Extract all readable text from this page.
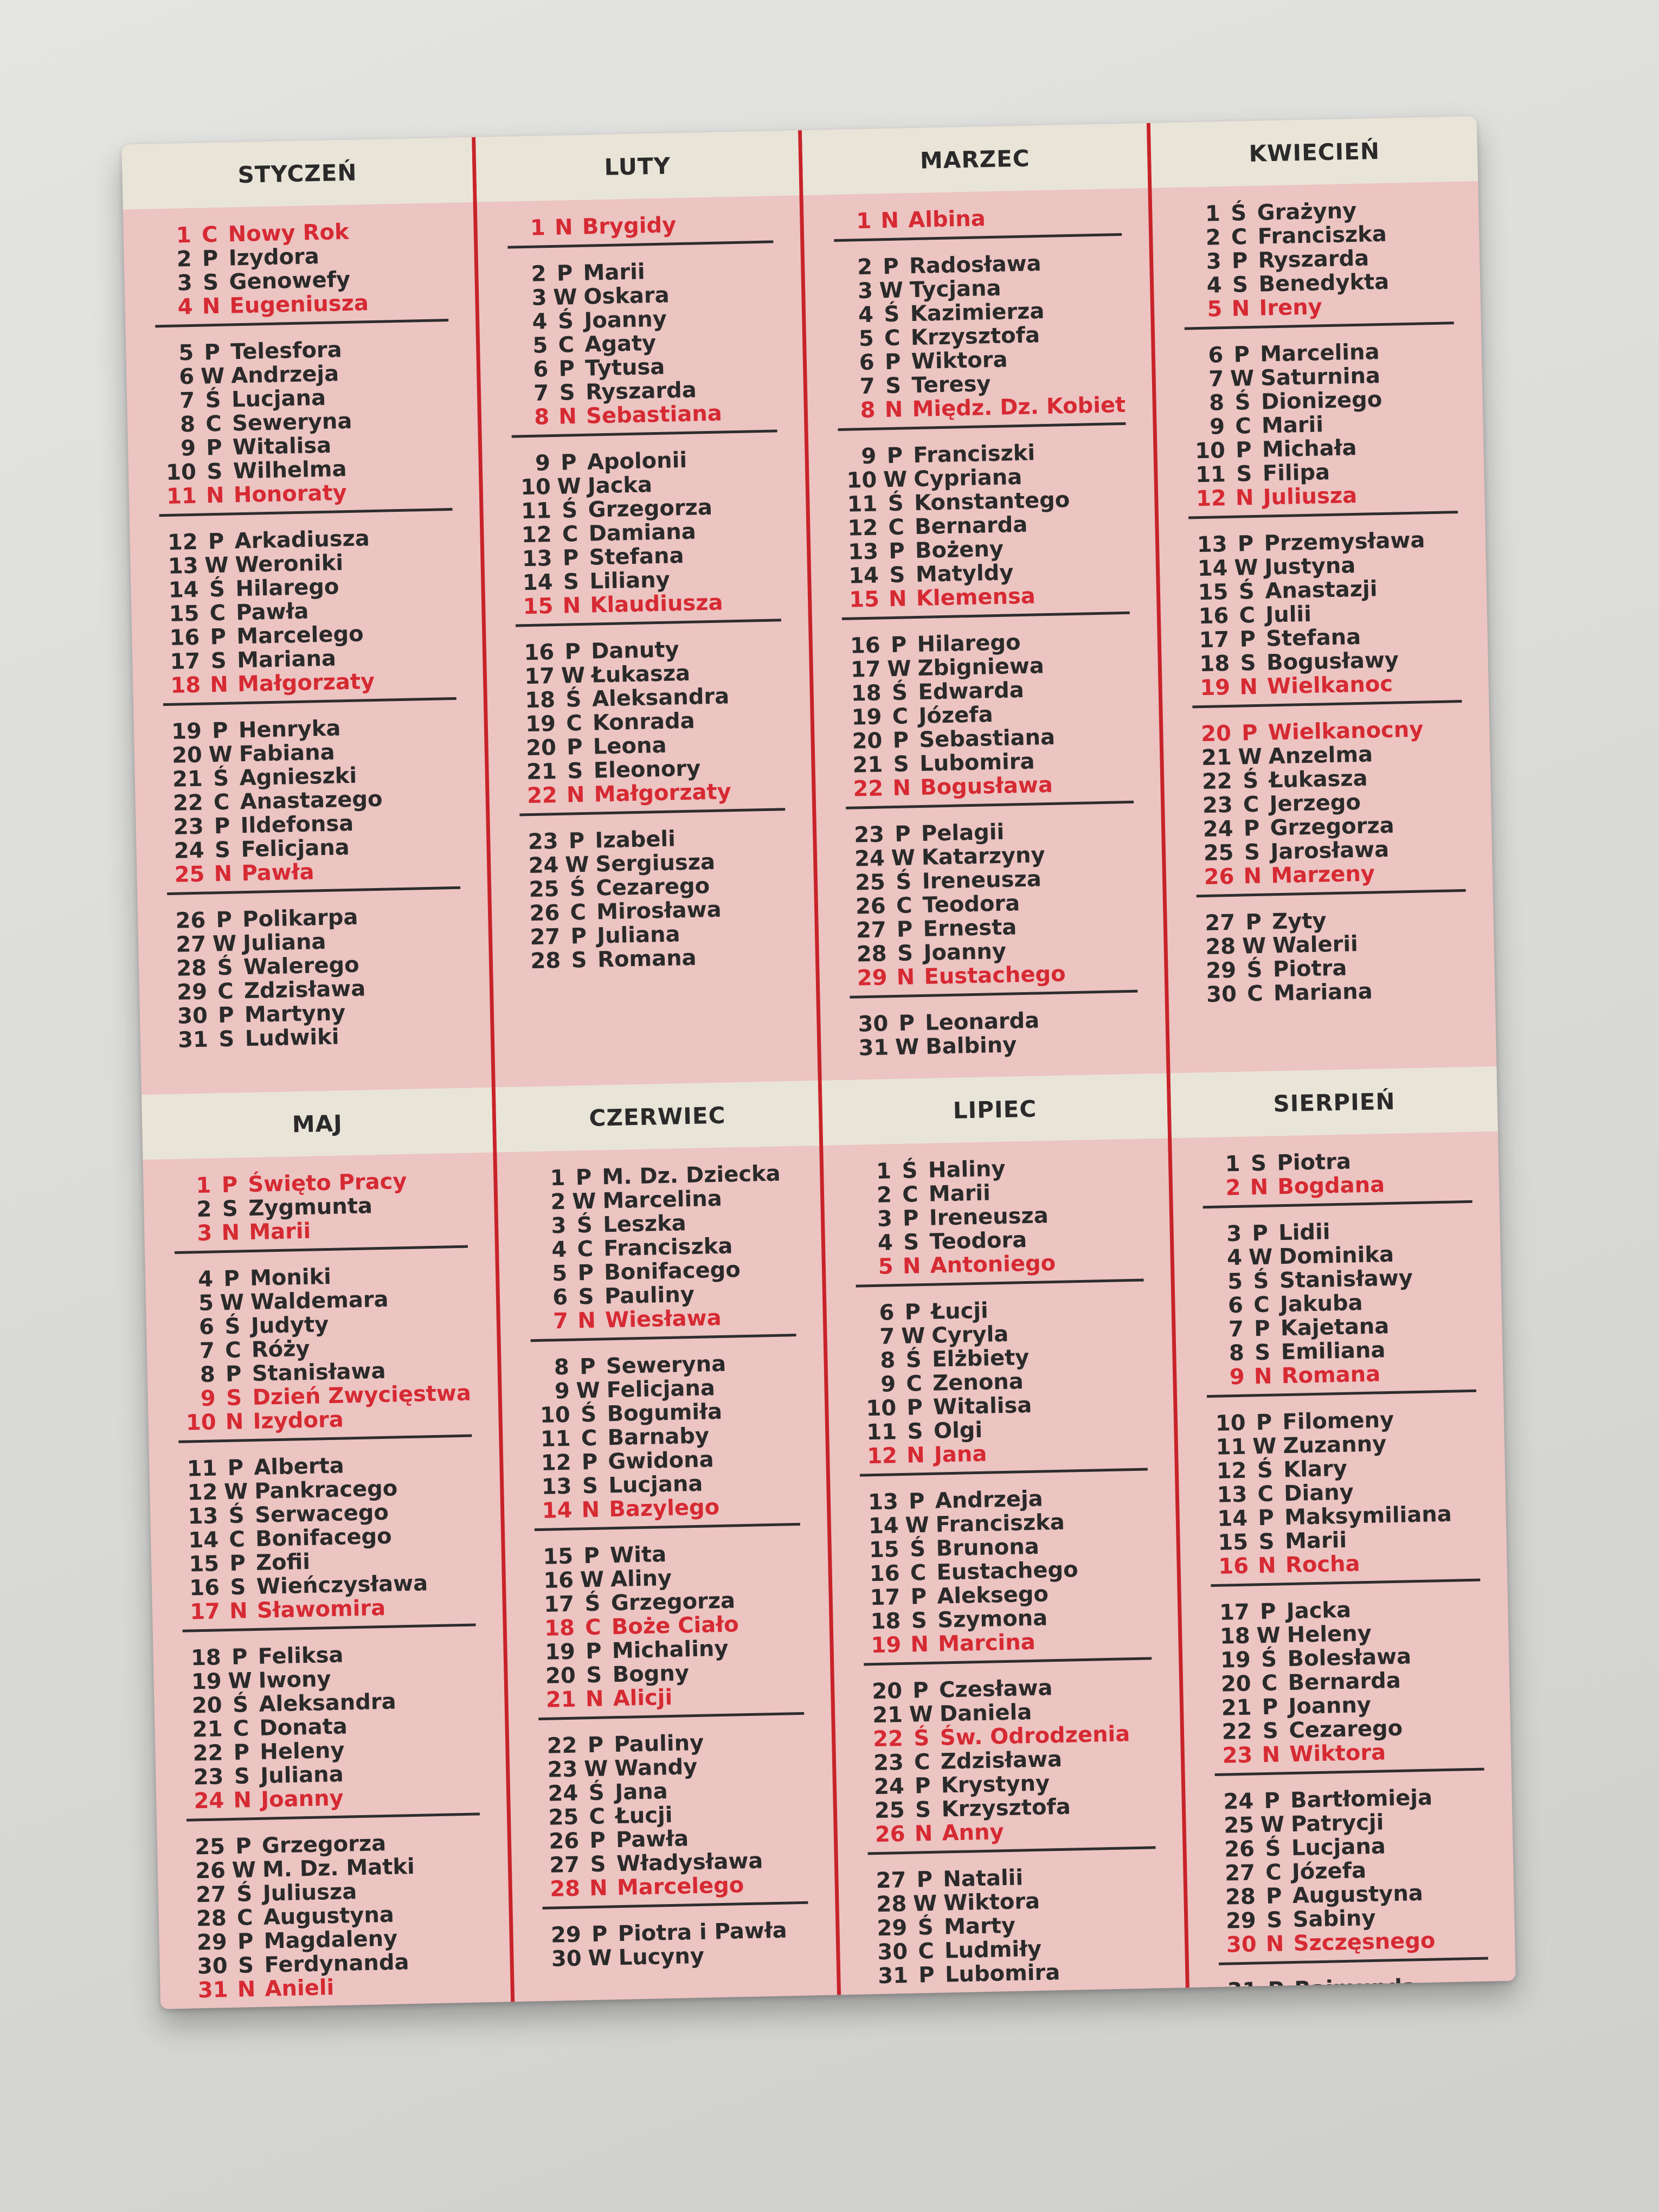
STYCZEŃ
1 C Nowy Rok
2 P Izydora
3 S Genowefy
4 N Eugeniusza
5 P Telesfora
6 W Andrzeja
7 Ś Lucjana
8 C Seweryna
9 P Witalisa
10 S Wilhelma
11 N Honoraty
12 P Arkadiusza
13 W Weroniki
14 Ś Hilarego
15 C Pawła
16 P Marcelego
17 S Mariana
18 N Małgorzaty
19 P Henryka
20 W Fabiana
21 Ś Agnieszki
22 C Anastazego
23 P Ildefonsa
24 S Felicjana
25 N Pawła
26 P Polikarpa
27 W Juliana
28 Ś Walerego
29 C Zdzisława
30 P Martyny
31 S Ludwiki
LUTY
1 N Brygidy
2 P Marii
3 W Oskara
4 Ś Joanny
5 C Agaty
6 P Tytusa
7 S Ryszarda
8 N Sebastiana
9 P Apolonii
10 W Jacka
11 Ś Grzegorza
12 C Damiana
13 P Stefana
14 S Liliany
15 N Klaudiusza
16 P Danuty
17 W Łukasza
18 Ś Aleksandra
19 C Konrada
20 P Leona
21 S Eleonory
22 N Małgorzaty
23 P Izabeli
24 W Sergiusza
25 Ś Cezarego
26 C Mirosława
27 P Juliana
28 S Romana
MARZEC
1 N Albina
2 P Radosława
3 W Tycjana
4 Ś Kazimierza
5 C Krzysztofa
6 P Wiktora
7 S Teresy
8 N Międz. Dz. Kobiet
9 P Franciszki
10 W Cypriana
11 Ś Konstantego
12 C Bernarda
13 P Bożeny
14 S Matyldy
15 N Klemensa
16 P Hilarego
17 W Zbigniewa
18 Ś Edwarda
19 C Józefa
20 P Sebastiana
21 S Lubomira
22 N Bogusława
23 P Pelagii
24 W Katarzyny
25 Ś Ireneusza
26 C Teodora
27 P Ernesta
28 S Joanny
29 N Eustachego
30 P Leonarda
31 W Balbiny
KWIECIEŃ
1 Ś Grażyny
2 C Franciszka
3 P Ryszarda
4 S Benedykta
5 N Ireny
6 P Marcelina
7 W Saturnina
8 Ś Dionizego
9 C Marii
10 P Michała
11 S Filipa
12 N Juliusza
13 P Przemysława
14 W Justyna
15 Ś Anastazji
16 C Julii
17 P Stefana
18 S Bogusławy
19 N Wielkanoc
20 P Wielkanocny
21 W Anzelma
22 Ś Łukasza
23 C Jerzego
24 P Grzegorza
25 S Jarosława
26 N Marzeny
27 P Zyty
28 W Walerii
29 Ś Piotra
30 C Mariana
MAJ
1 P Święto Pracy
2 S Zygmunta
3 N Marii
4 P Moniki
5 W Waldemara
6 Ś Judyty
7 C Róży
8 P Stanisława
9 S Dzień Zwycięstwa
10 N Izydora
11 P Alberta
12 W Pankracego
13 Ś Serwacego
14 C Bonifacego
15 P Zofii
16 S Wieńczysława
17 N Sławomira
18 P Feliksa
19 W Iwony
20 Ś Aleksandra
21 C Donata
22 P Heleny
23 S Juliana
24 N Joanny
25 P Grzegorza
26 W M. Dz. Matki
27 Ś Juliusza
28 C Augustyna
29 P Magdaleny
30 S Ferdynanda
31 N Anieli
CZERWIEC
1 P M. Dz. Dziecka
2 W Marcelina
3 Ś Leszka
4 C Franciszka
5 P Bonifacego
6 S Pauliny
7 N Wiesława
8 P Seweryna
9 W Felicjana
10 Ś Bogumiła
11 C Barnaby
12 P Gwidona
13 S Lucjana
14 N Bazylego
15 P Wita
16 W Aliny
17 Ś Grzegorza
18 C Boże Ciało
19 P Michaliny
20 S Bogny
21 N Alicji
22 P Pauliny
23 W Wandy
24 Ś Jana
25 C Łucji
26 P Pawła
27 S Władysława
28 N Marcelego
29 P Piotra i Pawła
30 W Lucyny
LIPIEC
1 Ś Haliny
2 C Marii
3 P Ireneusza
4 S Teodora
5 N Antoniego
6 P Łucji
7 W Cyryla
8 Ś Elżbiety
9 C Zenona
10 P Witalisa
11 S Olgi
12 N Jana
13 P Andrzeja
14 W Franciszka
15 Ś Brunona
16 C Eustachego
17 P Aleksego
18 S Szymona
19 N Marcina
20 P Czesława
21 W Daniela
22 Ś Św. Odrodzenia
23 C Zdzisława
24 P Krystyny
25 S Krzysztofa
26 N Anny
27 P Natalii
28 W Wiktora
29 Ś Marty
30 C Ludmiły
31 P Lubomira
SIERPIEŃ
1 S Piotra
2 N Bogdana
3 P Lidii
4 W Dominika
5 Ś Stanisławy
6 C Jakuba
7 P Kajetana
8 S Emiliana
9 N Romana
10 P Filomeny
11 W Zuzanny
12 Ś Klary
13 C Diany
14 P Maksymiliana
15 S Marii
16 N Rocha
17 P Jacka
18 W Heleny
19 Ś Bolesława
20 C Bernarda
21 P Joanny
22 S Cezarego
23 N Wiktora
24 P Bartłomieja
25 W Patrycji
26 Ś Lucjana
27 C Józefa
28 P Augustyna
29 S Sabiny
30 N Szczęsnego
31 P Rajmunda
